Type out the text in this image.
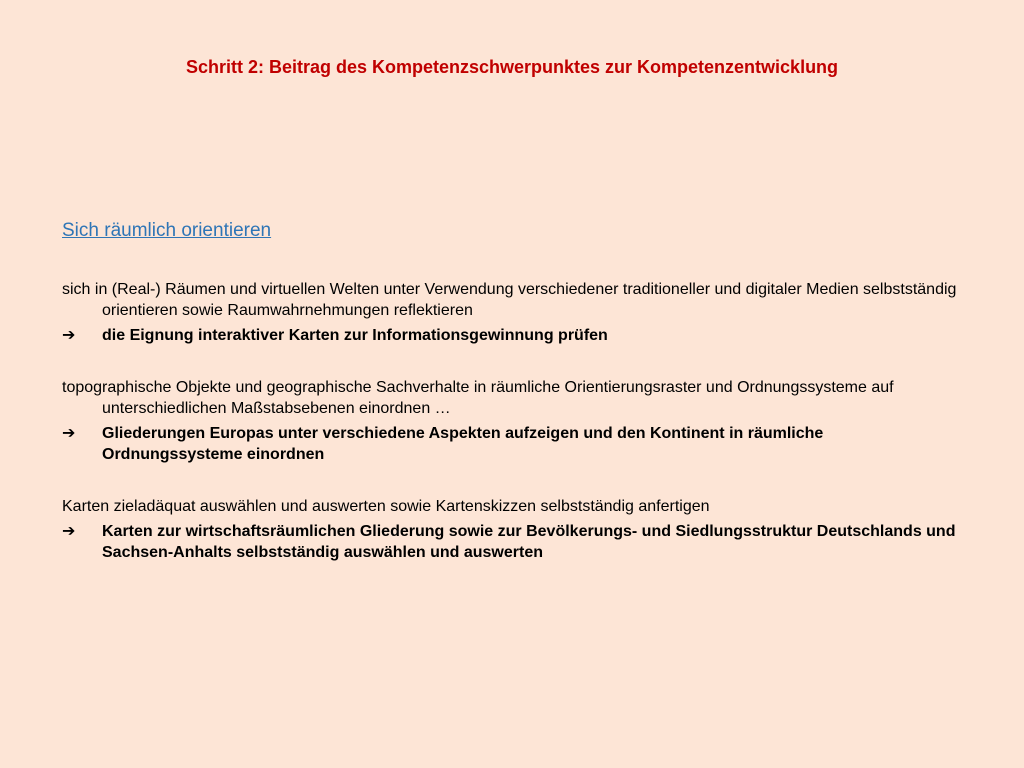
Schritt 2: Beitrag des Kompetenzschwerpunktes zur Kompetenzentwicklung
Sich räumlich orientieren

sich in (Real-) Räumen und virtuellen Welten unter Verwendung verschiedener traditioneller und digitaler Medien selbstständig orientieren sowie Raumwahrnehmungen reflektieren

➔	die Eignung interaktiver Karten zur Informationsgewinnung prüfen

topographische Objekte und geographische Sachverhalte in räumliche Orientierungsraster und Ordnungssysteme auf unterschiedlichen Maßstabsebenen einordnen …

➔	Gliederungen Europas unter verschiedene Aspekten aufzeigen und den Kontinent in räumliche Ordnungssysteme einordnen

Karten zieladäquat auswählen und auswerten sowie Kartenskizzen selbstständig anfertigen

➔	Karten zur wirtschaftsräumlichen Gliederung sowie zur Bevölkerungs- und Siedlungsstruktur Deutschlands und Sachsen-Anhalts selbstständig auswählen und auswerten
